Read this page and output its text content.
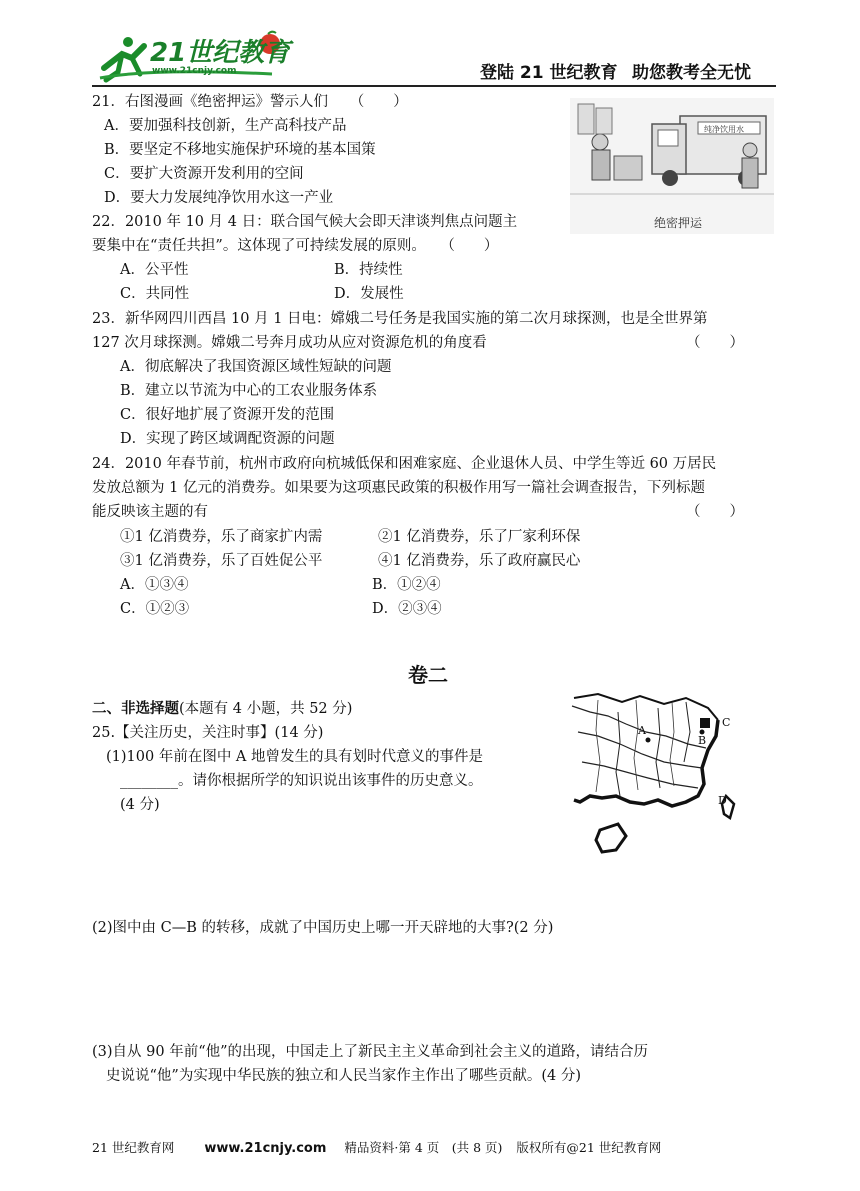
21世纪教育
www.21cnjy.com	登陆 21 世纪教育 助您教考全无忧
21．右图漫画《绝密押运》警示人们　　（　　）
A．要加强科技创新，生产高科技产品
B．要坚定不移地实施保护环境的基本国策
C．要扩大资源开发利用的空间
D．要大力发展纯净饮用水这一产业
纯净饮用水
绝密押运
22．2010 年 10 月 4 日：联合国气候大会即天津谈判焦点问题主
要集中在“责任共担”。这体现了可持续发展的原则。　　（　　）
A．公平性	B．持续性
C．共同性	D．发展性
23．新华网四川西昌 10 月 1 日电：嫦娥二号任务是我国实施的第二次月球探测，也是全世界第
127 次月球探测。嫦娥二号奔月成功从应对资源危机的角度看	（　　）
A．彻底解决了我国资源区域性短缺的问题
B．建立以节流为中心的工农业服务体系
C．很好地扩展了资源开发的范围
D．实现了跨区域调配资源的问题
24．2010 年春节前，杭州市政府向杭城低保和困难家庭、企业退休人员、中学生等近 60 万居民
发放总额为 1 亿元的消费券。如果要为这项惠民政策的积极作用写一篇社会调查报告，下列标题
能反映该主题的有	（　　）
①1 亿消费券，乐了商家扩内需	②1 亿消费券，乐了厂家利环保
③1 亿消费券，乐了百姓促公平	④1 亿消费券，乐了政府赢民心
A．①③④	B．①②④
C．①②③	D．②③④
卷二
二、非选择题(本题有 4 小题，共 52 分)
25.【关注历史，关注时事】(14 分)
(1)100 年前在图中 A 地曾发生的具有划时代意义的事件是
________。请你根据所学的知识说出该事件的历史意义。
(4 分)
A
B
C
D
(2)图中由 C—B 的转移，成就了中国历史上哪一开天辟地的大事?(2 分)
(3)自从 90 年前“他”的出现，中国走上了新民主主义革命到社会主义的道路，请结合历
史说说“他”为实现中华民族的独立和人民当家作主作出了哪些贡献。(4 分)
21 世纪教育网 www.21cnjy.com 精品资料·第 4 页　(共 8 页) 版权所有@21 世纪教育网
